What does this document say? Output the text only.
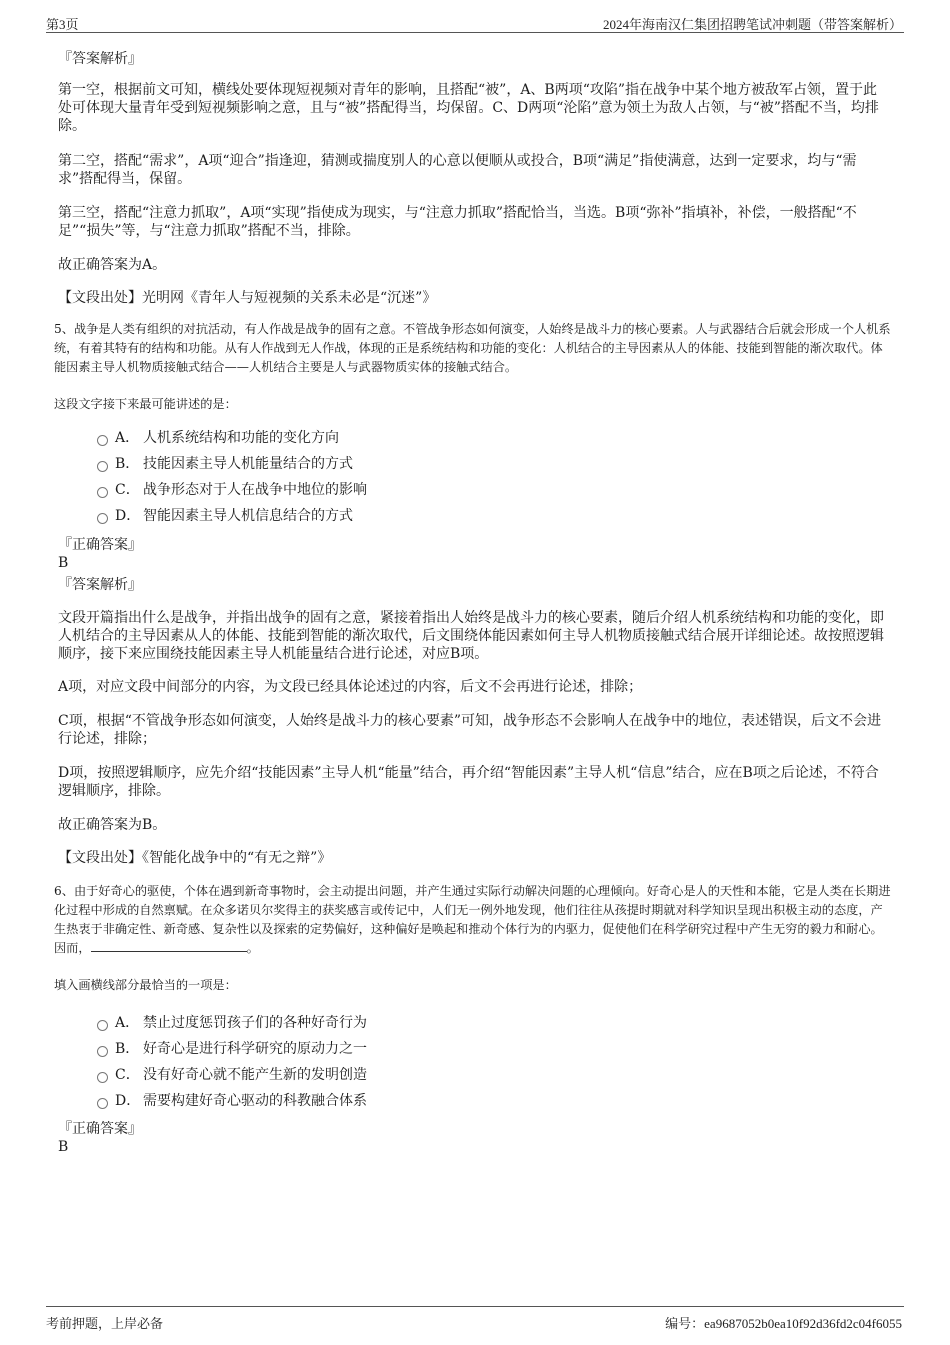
第3页	2024年海南汉仁集团招聘笔试冲刺题（带答案解析）
『答案解析』
第一空，根据前文可知，横线处要体现短视频对青年的影响，且搭配“被”，A、B两项“攻陷”指在战争中某个地方被敌军占领，置于此处可体现大量青年受到短视频影响之意，且与“被”搭配得当，均保留。C、D两项“沦陷”意为领土为敌人占领，与“被”搭配不当，均排除。
第二空，搭配“需求”，A项“迎合”指逢迎，猜测或揣度别人的心意以便顺从或投合，B项“满足”指使满意，达到一定要求，均与“需求”搭配得当，保留。
第三空，搭配“注意力抓取”，A项“实现”指使成为现实，与“注意力抓取”搭配恰当，当选。B项“弥补”指填补，补偿，一般搭配“不足”“损失”等，与“注意力抓取”搭配不当，排除。
故正确答案为A。
【文段出处】光明网《青年人与短视频的关系未必是“沉迷”》
5、战争是人类有组织的对抗活动，有人作战是战争的固有之意。不管战争形态如何演变，人始终是战斗力的核心要素。人与武器结合后就会形成一个人机系统，有着其特有的结构和功能。从有人作战到无人作战，体现的正是系统结构和功能的变化：人机结合的主导因素从人的体能、技能到智能的渐次取代。体能因素主导人机物质接触式结合——人机结合主要是人与武器物质实体的接触式结合。
这段文字接下来最可能讲述的是：
A． 人机系统结构和功能的变化方向
B． 技能因素主导人机能量结合的方式
C． 战争形态对于人在战争中地位的影响
D． 智能因素主导人机信息结合的方式
『正确答案』
B
『答案解析』
文段开篇指出什么是战争，并指出战争的固有之意，紧接着指出人始终是战斗力的核心要素，随后介绍人机系统结构和功能的变化，即人机结合的主导因素从人的体能、技能到智能的渐次取代，后文围绕体能因素如何主导人机物质接触式结合展开详细论述。故按照逻辑顺序，接下来应围绕技能因素主导人机能量结合进行论述，对应B项。
A项，对应文段中间部分的内容，为文段已经具体论述过的内容，后文不会再进行论述，排除；
C项，根据“不管战争形态如何演变，人始终是战斗力的核心要素”可知，战争形态不会影响人在战争中的地位，表述错误，后文不会进行论述，排除；
D项，按照逻辑顺序，应先介绍“技能因素”主导人机“能量”结合，再介绍“智能因素”主导人机“信息”结合，应在B项之后论述，不符合逻辑顺序，排除。
故正确答案为B。
【文段出处】《智能化战争中的“有无之辩”》
6、由于好奇心的驱使，个体在遇到新奇事物时，会主动提出问题，并产生通过实际行动解决问题的心理倾向。好奇心是人的天性和本能，它是人类在长期进化过程中形成的自然禀赋。在众多诺贝尔奖得主的获奖感言或传记中，人们无一例外地发现，他们往往从孩提时期就对科学知识呈现出积极主动的态度，产生热衷于非确定性、新奇感、复杂性以及探索的定势偏好，这种偏好是唤起和推动个体行为的内驱力，促使他们在科学研究过程中产生无穷的毅力和耐心。因而，	。
填入画横线部分最恰当的一项是：
A． 禁止过度惩罚孩子们的各种好奇行为
B． 好奇心是进行科学研究的原动力之一
C． 没有好奇心就不能产生新的发明创造
D． 需要构建好奇心驱动的科教融合体系
『正确答案』
B
考前押题，上岸必备	编号：ea9687052b0ea10f92d36fd2c04f6055
